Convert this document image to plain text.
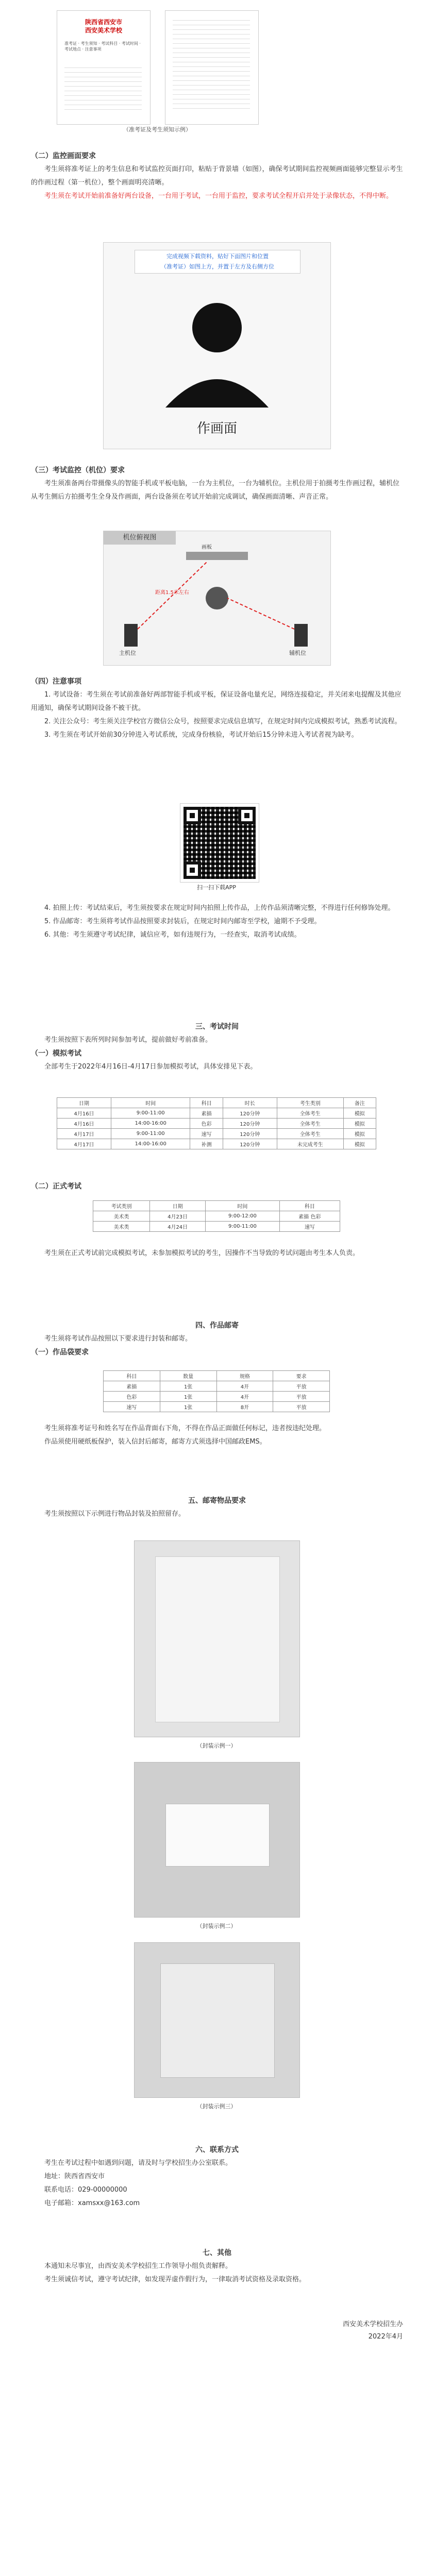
陕西省西安市
西安美术学校
准考证 · 考生须知 · 考试科目 · 考试时间 · 考试地点 · 注意事项
（准考证及考生须知示例）

（二）监控画面要求

考生须将准考证上的考生信息和考试监控页面打印，粘贴于背景墙（如图），确保考试期间监控视频画面能够完整显示考生的作画过程（第一机位），整个画面明亮清晰。

考生须在考试开始前准备好两台设备，一台用于考试，一台用于监控，要求考试全程开启并处于录像状态，不得中断。

完成视频下载资料，贴好下面图片和位置
（准考证）如图上方，并置于左方及右侧方位
作画面

（三）考试监控（机位）要求

考生须准备两台带摄像头的智能手机或平板电脑，一台为主机位，一台为辅机位。主机位用于拍摄考生作画过程，辅机位从考生侧后方拍摄考生全身及作画面，两台设备须在考试开始前完成调试，确保画面清晰、声音正常。

画板
主机位	辅机位
距离1.5米左右
机位俯视图

（四）注意事项

1. 考试设备：考生须在考试前准备好两部智能手机或平板，保证设备电量充足，网络连接稳定，并关闭来电提醒及其他应用通知，确保考试期间设备不被干扰。

2. 关注公众号：考生须关注学校官方微信公众号，按照要求完成信息填写，在规定时间内完成模拟考试，熟悉考试流程。

3. 考生须在考试开始前30分钟进入考试系统，完成身份核验，考试开始后15分钟未进入考试者视为缺考。

扫一扫下载APP

4. 拍照上传：考试结束后，考生须按要求在规定时间内拍照上传作品，上传作品须清晰完整，不得进行任何修饰处理。

5. 作品邮寄：考生须将考试作品按照要求封装后，在规定时间内邮寄至学校，逾期不予受理。

6. 其他：考生须遵守考试纪律，诚信应考，如有违规行为，一经查实，取消考试成绩。

三、考试时间

考生须按照下表所列时间参加考试，提前做好考前准备。

（一）模拟考试

全部考生于2022年4月16日-4月17日参加模拟考试，具体安排见下表。

日期	时间	科目	时长	考生类别	备注
4月16日	9:00-11:00	素描	120分钟	全体考生	模拟
4月16日	14:00-16:00	色彩	120分钟	全体考生	模拟
4月17日	9:00-11:00	速写	120分钟	全体考生	模拟
4月17日	14:00-16:00	补测	120分钟	未完成考生	模拟

（二）正式考试

考试类别	日期	时间	科目
美术类	4月23日	9:00-12:00	素描 色彩
美术类	4月24日	9:00-11:00	速写

考生须在正式考试前完成模拟考试，未参加模拟考试的考生，因操作不当导致的考试问题由考生本人负责。

四、作品邮寄

考生须将考试作品按照以下要求进行封装和邮寄。

（一）作品袋要求

科目	数量	规格	要求
素描	1张	4开	平放
色彩	1张	4开	平放
速写	1张	8开	平放

考生须将准考证号和姓名写在作品背面右下角，不得在作品正面做任何标记，违者按违纪处理。

作品须使用硬纸板保护，装入信封后邮寄，邮寄方式须选择中国邮政EMS。

五、邮寄物品要求

考生须按照以下示例进行物品封装及拍照留存。

（封装示例一）
（封装示例二）
（封装示例三）

六、联系方式

考生在考试过程中如遇到问题，请及时与学校招生办公室联系。

地址：陕西省西安市

联系电话：029-00000000

电子邮箱：xamsxx@163.com

七、其他

本通知未尽事宜，由西安美术学校招生工作领导小组负责解释。

考生须诚信考试，遵守考试纪律，如发现弄虚作假行为，一律取消考试资格及录取资格。

西安美术学校招生办
2022年4月
